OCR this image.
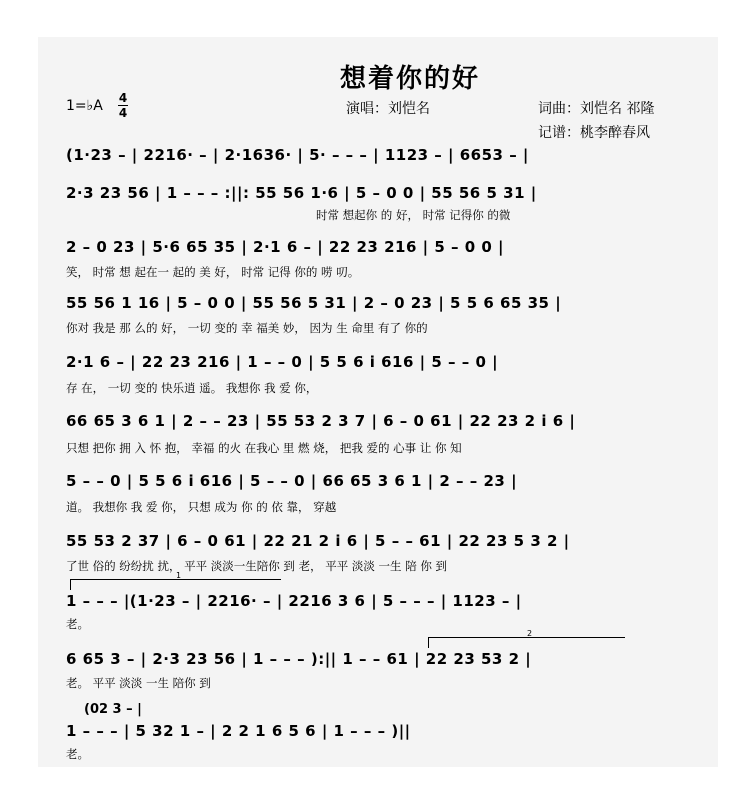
想着你的好
1=♭A 4
4	演唱：刘恺名	词曲：刘恺名 祁隆
记谱：桃李醉春风
(1·23 – | 2216· – | 2·1636· | 5· – – – | 1123 – | 6653 – |
2·3 23 56 | 1 – – – :||: 55 56 1·6 | 5 – 0 0 | 55 56 5 31 |
时常 想起你 的 好， 时常 记得你 的微
2 – 0 23 | 5·6 65 35 | 2·1 6 – | 22 23 216 | 5 – 0 0 |
笑， 时常 想 起在一 起的 美 好， 时常 记得 你的 唠 叨。
55 56 1 16 | 5 – 0 0 | 55 56 5 31 | 2 – 0 23 | 5 5 6 65 35 |
你对 我是 那 么的 好， 一切 变的 幸 福美 妙， 因为 生 命里 有了 你的
2·1 6 – | 22 23 216 | 1 – – 0 | 5 5 6 i 616 | 5 – – 0 |
存 在， 一切 变的 快乐逍 遥。 我想你 我 爱 你，
66 65 3 6 1 | 2 – – 23 | 55 53 2 3 7 | 6 – 0 61 | 22 23 2 i 6 |
只想 把你 拥 入 怀 抱， 幸福 的火 在我心 里 燃 烧， 把我 爱的 心事 让 你 知
5 – – 0 | 5 5 6 i 616 | 5 – – 0 | 66 65 3 6 1 | 2 – – 23 |
道。 我想你 我 爱 你， 只想 成为 你 的 依 靠， 穿越
55 53 2 37 | 6 – 0 61 | 22 21 2 i 6 | 5 – – 61 | 22 23 5 3 2 |
了世 俗的 纷纷扰 扰， 平平 淡淡一生陪你 到 老， 平平 淡淡 一生 陪 你 到
1
1 – – – |(1·23 – | 2216· – | 2216 3 6 | 5 – – – | 1123 – |
老。
2
6 65 3 – | 2·3 23 56 | 1 – – – ):|| 1 – – 61 | 22 23 53 2 |
老。 平平 淡淡 一生 陪你 到
(02 3 – |
1 – – – | 5 32 1 – | 2 2 1 6 5 6 | 1 – – – )||
老。
